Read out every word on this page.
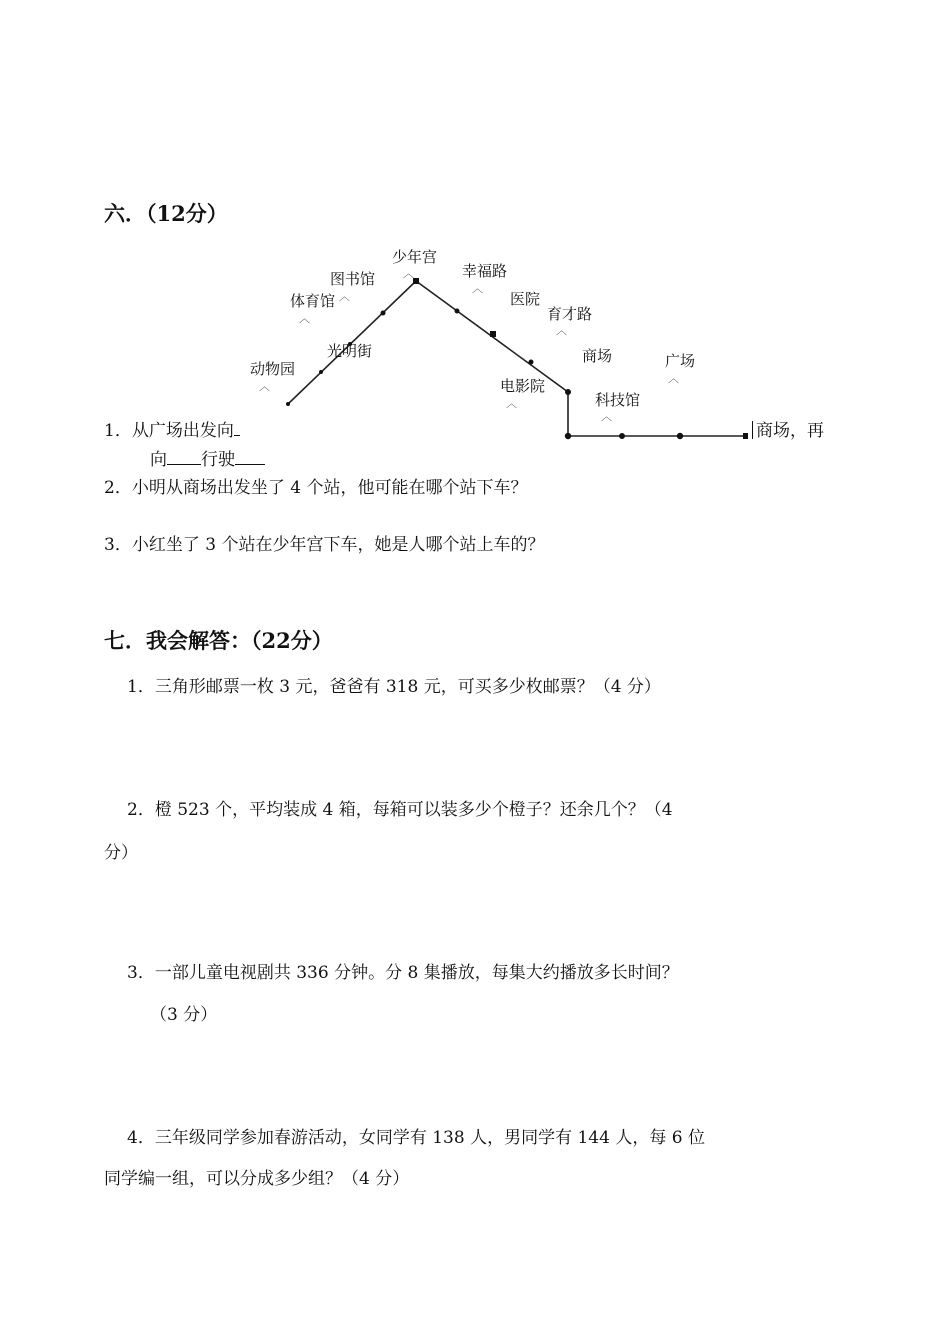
六．（12分）
动物园
光明街
体育馆
图书馆
少年宫
幸福路
医院
育才路
电影院
商场
科技馆
广场
︿
︿
︿
︿
︿
︿
︿
︿
︿
1．从广场出发向	商场，再
向 行驶
2．小明从商场出发坐了 4 个站，他可能在哪个站下车？
3．小红坐了 3 个站在少年宫下车，她是人哪个站上车的？
七．我会解答：（22分）
1．三角形邮票一枚 3 元，爸爸有 318 元，可买多少枚邮票？（4 分）
2．橙 523 个，平均装成 4 箱，每箱可以装多少个橙子？还余几个？（4
分）
3．一部儿童电视剧共 336 分钟。分 8 集播放，每集大约播放多长时间？
（3 分）
4．三年级同学参加春游活动，女同学有 138 人，男同学有 144 人，每 6 位
同学编一组，可以分成多少组？（4 分）
